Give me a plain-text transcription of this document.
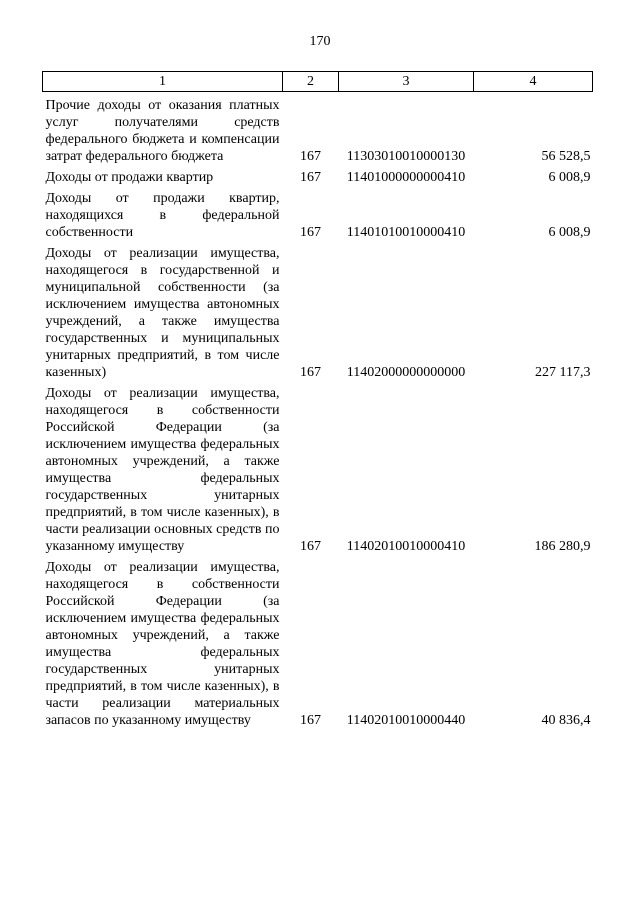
170
1	2	3	4
Прочие доходы от оказания платных услуг получателями средств федерального бюджета и компенсации затрат федерального бюджета	167	11303010010000130	56 528,5
Доходы от продажи квартир	167	11401000000000410	6 008,9
Доходы от продажи квартир, находящихся в федеральной собственности	167	11401010010000410	6 008,9
Доходы от реализации имущества, находящегося в государственной и муниципальной собственности (за исключением имущества автономных учреждений, а также имущества государственных и муниципальных унитарных предприятий, в том числе казенных)	167	11402000000000000	227 117,3
Доходы от реализации имущества, находящегося в собственности Российской Федерации (за исключением имущества федеральных автономных учреждений, а также имущества федеральных государственных унитарных предприятий, в том числе казенных), в части реализации основных средств по указанному имуществу	167	11402010010000410	186 280,9
Доходы от реализации имущества, находящегося в собственности Российской Федерации (за исключением имущества федеральных автономных учреждений, а также имущества федеральных государственных унитарных предприятий, в том числе казенных), в части реализации материальных запасов по указанному имуществу	167	11402010010000440	40 836,4
